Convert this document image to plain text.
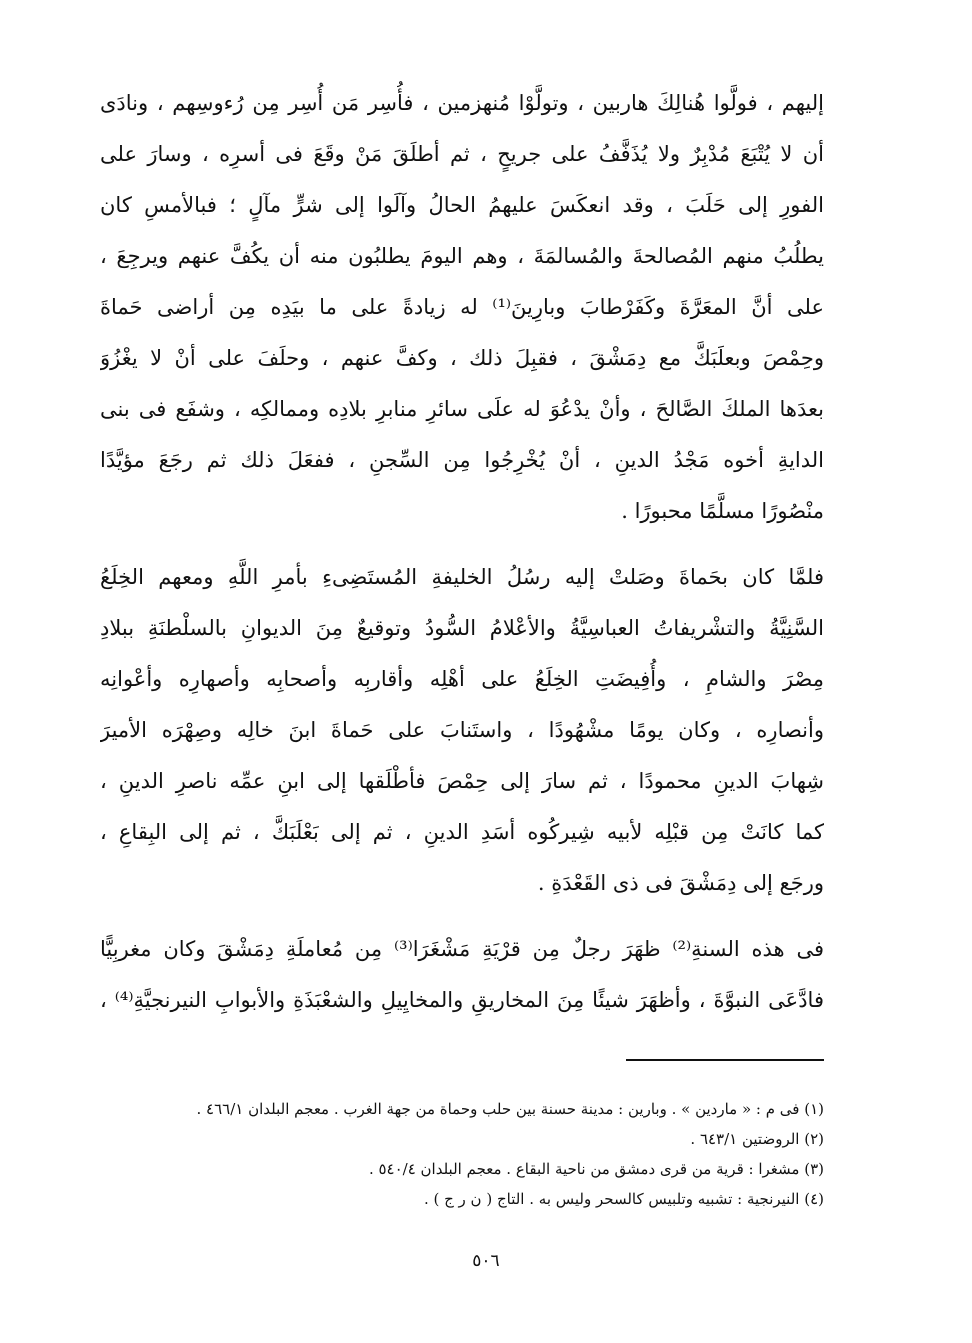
إليهم ، فولَّوا هُنالِكَ هاربين ، وتولَّوْا مُنهزمين ، فأُسِر مَن أُسِر مِن رُءوسِهم ، ونادَى
أن لا يُتْبَعَ مُدْبِرٌ ولا يُذَفَّفُ على جريحٍ ، ثم أطلَقَ مَنْ وقَعَ فى أسرِه ، وسارَ على
الفورِ إلى حَلَبَ ، وقد انعكَسَ عليهمُ الحالُ وآلَوا إلى شرٍّ مآلٍ ؛ فبالأمسِ كان
يطلُبُ منهم المُصالحةَ والمُسالمَةَ ، وهم اليومَ يطلبُون منه أن يكُفَّ عنهم ويرجِعَ ،
على أنَّ المعَرَّةَ وكَفَرْطابَ وبارِينَ⁽¹⁾ له زيادةً على ما بيَدِه مِن أراضى حَماةَ
وحِمْصَ وبعلَبَكَّ مع دِمَشْقَ ، فقبِلَ ذلك ، وكفَّ عنهم ، وحلَفَ على أنْ لا يغْزُوَ
بعدَها الملكَ الصَّالحَ ، وأنْ يدْعُوَ له علَى سائرِ منابرِ بلادِه وممالكِه ، وشفَع فى بنى
الدايةِ أخوه مَجْدُ الدينِ ، أنْ يُخْرِجُوا مِن السِّجنِ ، ففعَلَ ذلك ثم رجَعَ مؤيَّدًا
منْصُورًا مسلَّمًا محبورًا .
فلمَّا كان بحَماةَ وصَلتْ إليه رسُلُ الخليفةِ المُستَضِىءِ بأمرِ اللَّهِ ومعهم الخِلَعُ
السَّنِيَّةُ والتشْريفاتُ العباسِيَّةُ والأعْلامُ السُّودُ وتوقيعٌ مِنَ الديوانِ بالسلْطنَةِ ببلادِ
مِصْرَ والشامِ ، وأُفِيضَتِ الخِلَعُ على أهْلِه وأقاربِه وأصحابِه وأصهارِه وأعْوانِه
وأنصارِه ، وكان يومًا مشْهُودًا ، واستَنابَ على حَماةَ ابنَ خالِه وصِهْرَه الأميرَ
شِهابَ الدينِ محمودًا ، ثم سارَ إلى حِمْصَ فأطْلَقها إلى ابنِ عمِّه ناصرِ الدينِ ،
كما كانَتْ مِن قبْلِه لأبيه شِيركُوه أسَدِ الدينِ ، ثم إلى بَعْلَبَكَّ ، ثم إلى البِقاعِ ،
ورجَع إلى دِمَشْقَ فى ذى القَعْدَةِ .
فى هذه السنةِ⁽²⁾ ظهَرَ رجلٌ مِن قرْيَةِ مَشْغَرَا⁽³⁾ مِن مُعاملَةِ دِمَشْقَ وكان مغربِيًّا
فادَّعَى النبوَّةَ ، وأظهَرَ شيئًا مِنَ المخاريقِ والمخايِيلِ والشعْبَذَةِ والأبوابِ النيرنجيَّةِ⁽⁴⁾ ،
(١) فى م : « ماردين » . وبارين : مدينة حسنة بين حلب وحماة من جهة الغرب . معجم البلدان ٤٦٦/١ .
(٢) الروضتين ٦٤٣/١ .
(٣) مشغرا : قرية من قرى دمشق من ناحية البقاع . معجم البلدان ٥٤٠/٤ .
(٤) النيرنجية : تشبيه وتلبيس كالسحر وليس به . التاج ( ن ر ج ) .
٥٠٦
